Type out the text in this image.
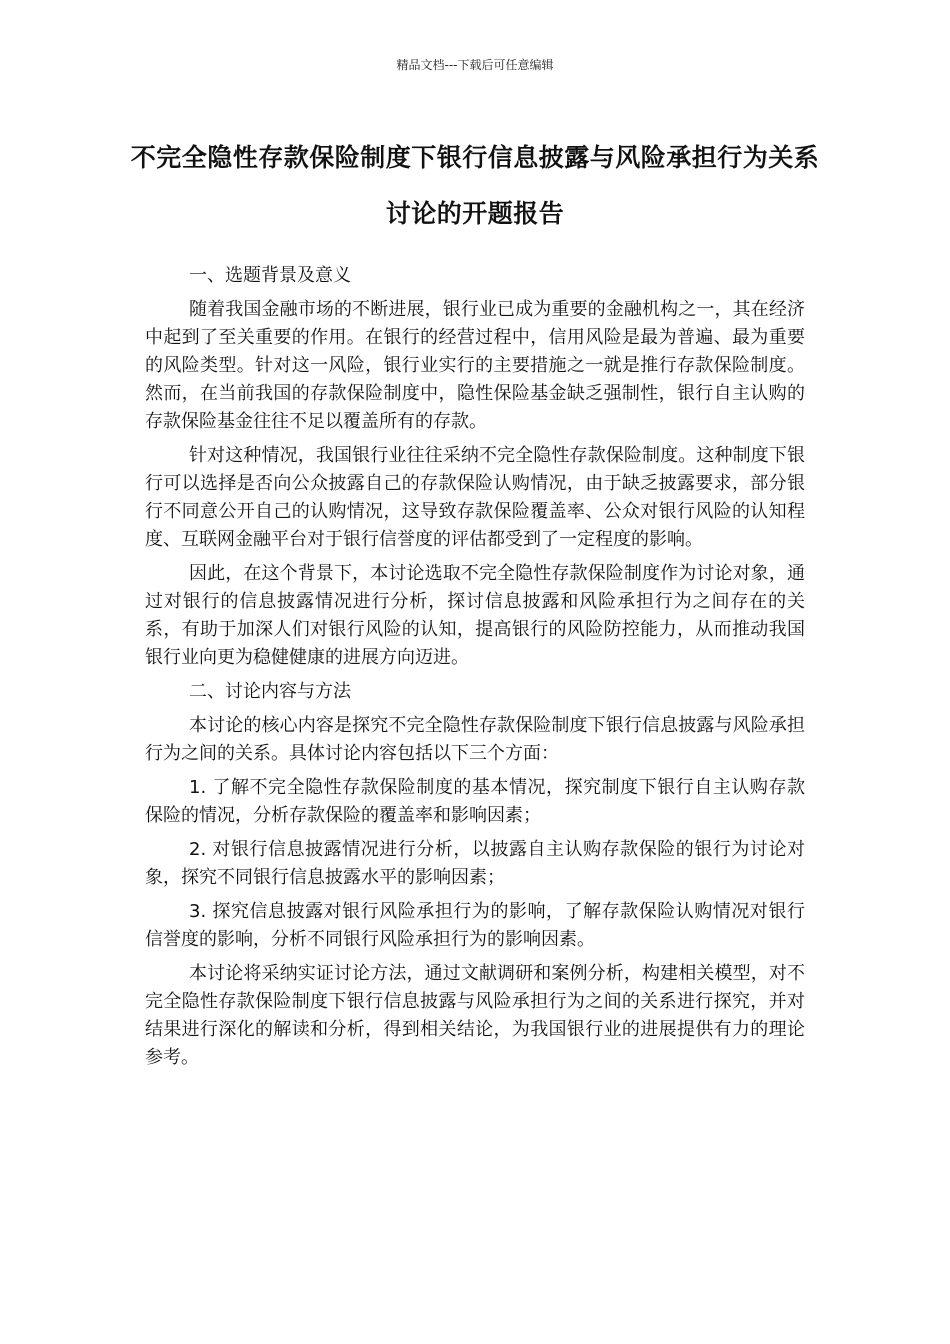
精品文档---下载后可任意编辑
不完全隐性存款保险制度下银行信息披露与风险承担行为关系讨论的开题报告

一、选题背景及意义

随着我国金融市场的不断进展，银行业已成为重要的金融机构之一，其在经济中起到了至关重要的作用。在银行的经营过程中，信用风险是最为普遍、最为重要的风险类型。针对这一风险，银行业实行的主要措施之一就是推行存款保险制度。然而，在当前我国的存款保险制度中，隐性保险基金缺乏强制性，银行自主认购的存款保险基金往往不足以覆盖所有的存款。

针对这种情况，我国银行业往往采纳不完全隐性存款保险制度。这种制度下银行可以选择是否向公众披露自己的存款保险认购情况，由于缺乏披露要求，部分银行不同意公开自己的认购情况，这导致存款保险覆盖率、公众对银行风险的认知程度、互联网金融平台对于银行信誉度的评估都受到了一定程度的影响。

因此，在这个背景下，本讨论选取不完全隐性存款保险制度作为讨论对象，通过对银行的信息披露情况进行分析，探讨信息披露和风险承担行为之间存在的关系，有助于加深人们对银行风险的认知，提高银行的风险防控能力，从而推动我国银行业向更为稳健健康的进展方向迈进。

二、讨论内容与方法

本讨论的核心内容是探究不完全隐性存款保险制度下银行信息披露与风险承担行为之间的关系。具体讨论内容包括以下三个方面：

1. 了解不完全隐性存款保险制度的基本情况，探究制度下银行自主认购存款保险的情况，分析存款保险的覆盖率和影响因素；

2. 对银行信息披露情况进行分析，以披露自主认购存款保险的银行为讨论对象，探究不同银行信息披露水平的影响因素；

3. 探究信息披露对银行风险承担行为的影响，了解存款保险认购情况对银行信誉度的影响，分析不同银行风险承担行为的影响因素。

本讨论将采纳实证讨论方法，通过文献调研和案例分析，构建相关模型，对不完全隐性存款保险制度下银行信息披露与风险承担行为之间的关系进行探究，并对结果进行深化的解读和分析，得到相关结论，为我国银行业的进展提供有力的理论参考。
